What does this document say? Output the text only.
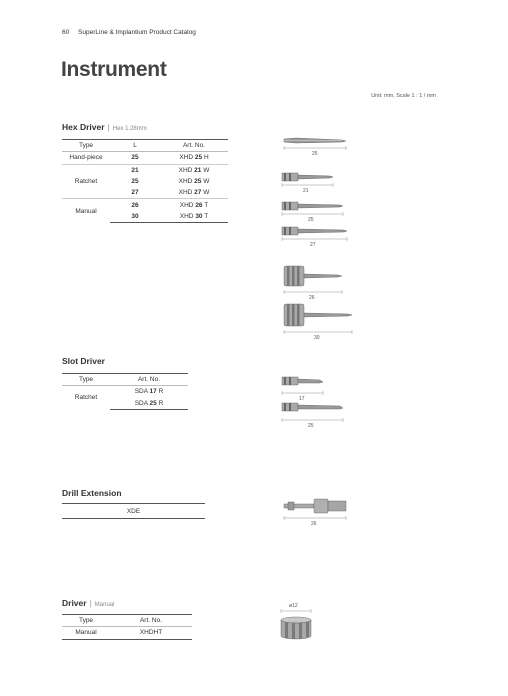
60 SuperLine & Implantium Product Catalog
Instrument
Unit: mm, Scale 1 : 1 / mm
Hex Driver | Hex 1.28mm
Type	L	Art. No.
Hand-piece	25	XHD 25 H
Ratchet	21	XHD 21 W
	25	XHD 25 W
	27	XHD 27 W
Manual	26	XHD 26 T
	30	XHD 30 T
25
21
25
27
26
30
Slot Driver
Type	Art. No.
Ratchet	SDA 17 R
	SDA 25 R
17
25
Drill Extension
XDE
26
Driver | Manual
Type	Art. No.
Manual	XHDHT
ø12
